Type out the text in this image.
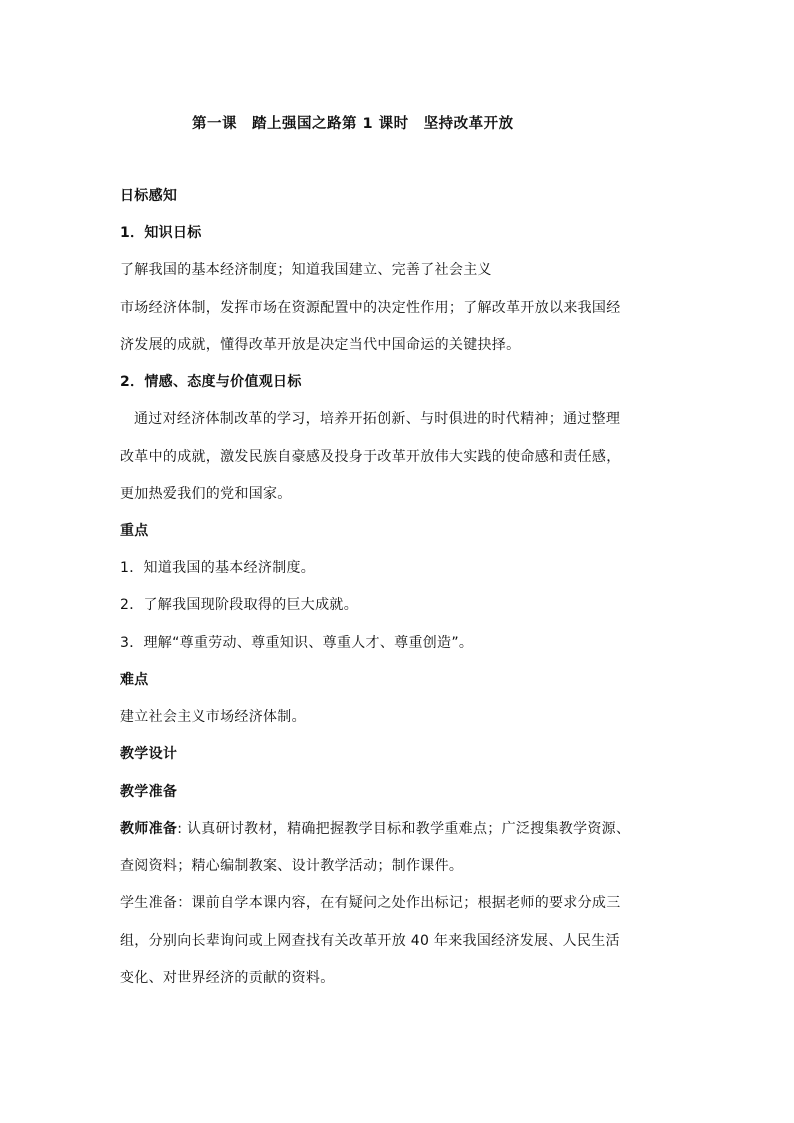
第一课　踏上强国之路第 1 课时　坚持改革开放
日标感知
1．知识日标
了解我国的基本经济制度；知道我国建立、完善了社会主义
市场经济体制，发挥市场在资源配置中的决定性作用；了解改革开放以来我国经
济发展的成就，懂得改革开放是决定当代中国命运的关键抉择。
2．情感、态度与价值观日标
通过对经济体制改革的学习，培养开拓创新、与时俱进的时代精神；通过整理
改革中的成就，激发民族自豪感及投身于改革开放伟大实践的使命感和责任感，
更加热爱我们的党和国家。
重点
1．知道我国的基本经济制度。
2．了解我国现阶段取得的巨大成就。
3．理解“尊重劳动、尊重知识、尊重人才、尊重创造”。
难点
建立社会主义市场经济体制。
教学设计
教学准备
教师准备: 认真研讨教材，精确把握教学目标和教学重难点；广泛搜集教学资源、
查阅资料；精心编制教案、设计教学活动；制作课件。
学生准备：课前自学本课内容，在有疑问之处作出标记；根据老师的要求分成三
组，分别向长辈询问或上网查找有关改革开放 40 年来我国经济发展、人民生活
变化、对世界经济的贡献的资料。
